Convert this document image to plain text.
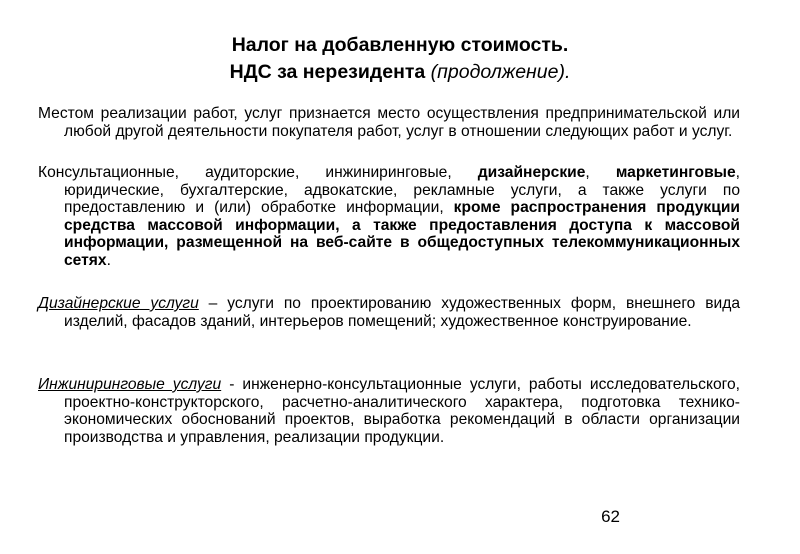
Налог на добавленную стоимость.
НДС за нерезидента (продолжение).
Местом реализации работ, услуг признается место осуществления предпринимательской или любой другой деятельности покупателя работ, услуг в отношении следующих работ и услуг.
Консультационные, аудиторские, инжиниринговые, дизайнерские, маркетинговые, юридические, бухгалтерские, адвокатские, рекламные услуги, а также услуги по предоставлению и (или) обработке информации, кроме распространения продукции средства массовой информации, а также предоставления доступа к массовой информации, размещенной на веб-сайте в общедоступных телекоммуникационных сетях.
Дизайнерские услуги – услуги по проектированию художественных форм, внешнего вида изделий, фасадов зданий, интерьеров помещений; художественное конструирование.
Инжиниринговые услуги - инженерно-консультационные услуги, работы исследовательского, проектно-конструкторского, расчетно-аналитического характера, подготовка технико-экономических обоснований проектов, выработка рекомендаций в области организации производства и управления, реализации продукции.
62
